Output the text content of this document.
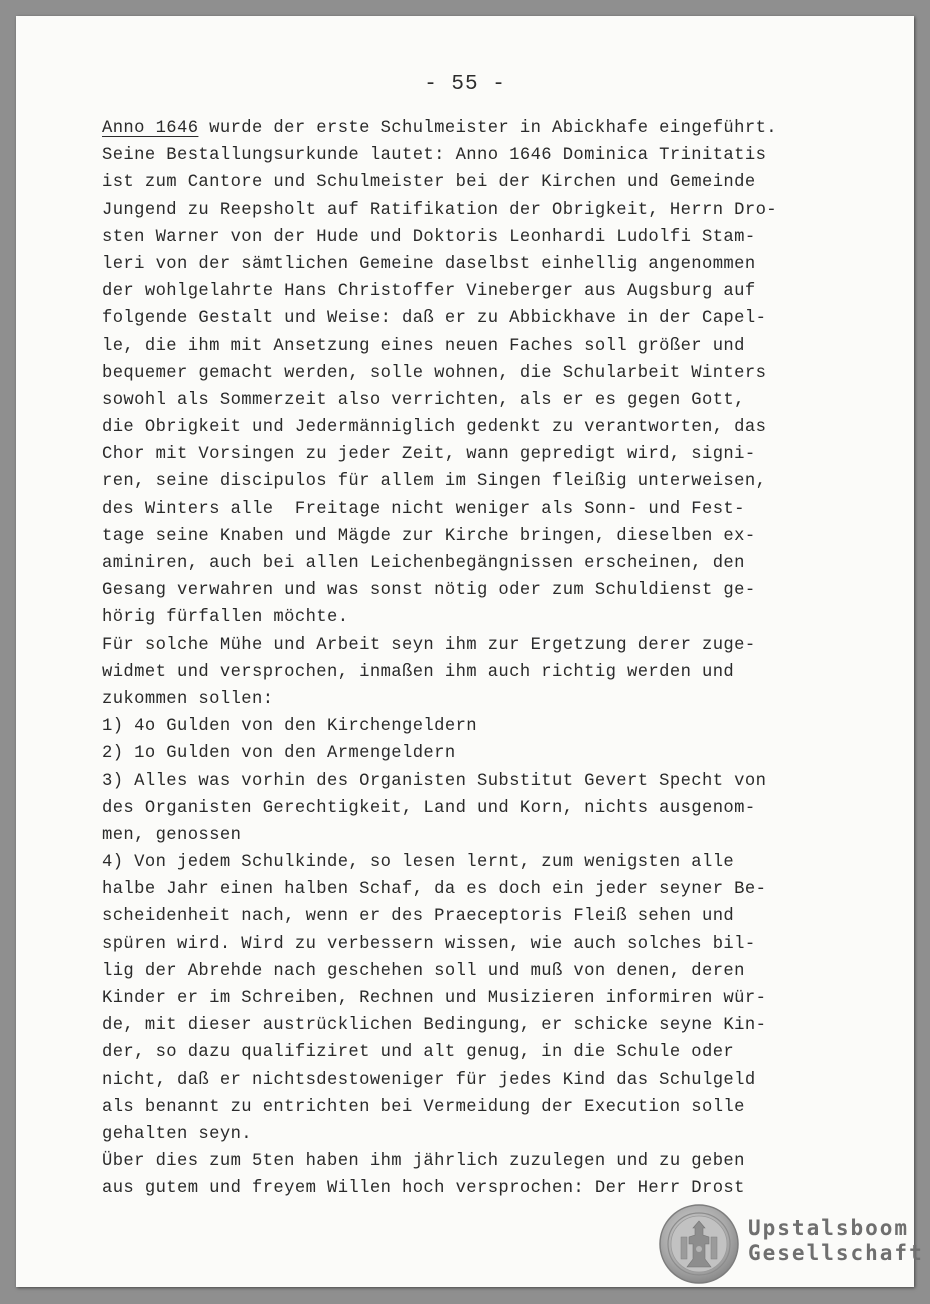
- 55 -
Anno 1646 wurde der erste Schulmeister in Abickhafe eingeführt.
Seine Bestallungsurkunde lautet: Anno 1646 Dominica Trinitatis
ist zum Cantore und Schulmeister bei der Kirchen und Gemeinde
Jungend zu Reepsholt auf Ratifikation der Obrigkeit, Herrn Dro-
sten Warner von der Hude und Doktoris Leonhardi Ludolfi Stam-
leri von der sämtlichen Gemeine daselbst einhellig angenommen
der wohlgelahrte Hans Christoffer Vineberger aus Augsburg auf
folgende Gestalt und Weise: daß er zu Abbickhave in der Capel-
le, die ihm mit Ansetzung eines neuen Faches soll größer und
bequemer gemacht werden, solle wohnen, die Schularbeit Winters
sowohl als Sommerzeit also verrichten, als er es gegen Gott,
die Obrigkeit und Jedermänniglich gedenkt zu verantworten, das
Chor mit Vorsingen zu jeder Zeit, wann gepredigt wird, signi-
ren, seine discipulos für allem im Singen fleißig unterweisen,
des Winters alle  Freitage nicht weniger als Sonn- und Fest-
tage seine Knaben und Mägde zur Kirche bringen, dieselben ex-
aminiren, auch bei allen Leichenbegängnissen erscheinen, den
Gesang verwahren und was sonst nötig oder zum Schuldienst ge-
hörig fürfallen möchte.
Für solche Mühe und Arbeit seyn ihm zur Ergetzung derer zuge-
widmet und versprochen, inmaßen ihm auch richtig werden und
zukommen sollen:
1) 4o Gulden von den Kirchengeldern
2) 1o Gulden von den Armengeldern
3) Alles was vorhin des Organisten Substitut Gevert Specht von
des Organisten Gerechtigkeit, Land und Korn, nichts ausgenom-
men, genossen
4) Von jedem Schulkinde, so lesen lernt, zum wenigsten alle
halbe Jahr einen halben Schaf, da es doch ein jeder seyner Be-
scheidenheit nach, wenn er des Praeceptoris Fleiß sehen und
spüren wird. Wird zu verbessern wissen, wie auch solches bil-
lig der Abrehde nach geschehen soll und muß von denen, deren
Kinder er im Schreiben, Rechnen und Musizieren informiren wür-
de, mit dieser austrücklichen Bedingung, er schicke seyne Kin-
der, so dazu qualifiziret und alt genug, in die Schule oder
nicht, daß er nichtsdestoweniger für jedes Kind das Schulgeld
als benannt zu entrichten bei Vermeidung der Execution solle
gehalten seyn.
Über dies zum 5ten haben ihm jährlich zuzulegen und zu geben
aus gutem und freyem Willen hoch versprochen: Der Herr Drost
Upstalsboom
Gesellschaft
